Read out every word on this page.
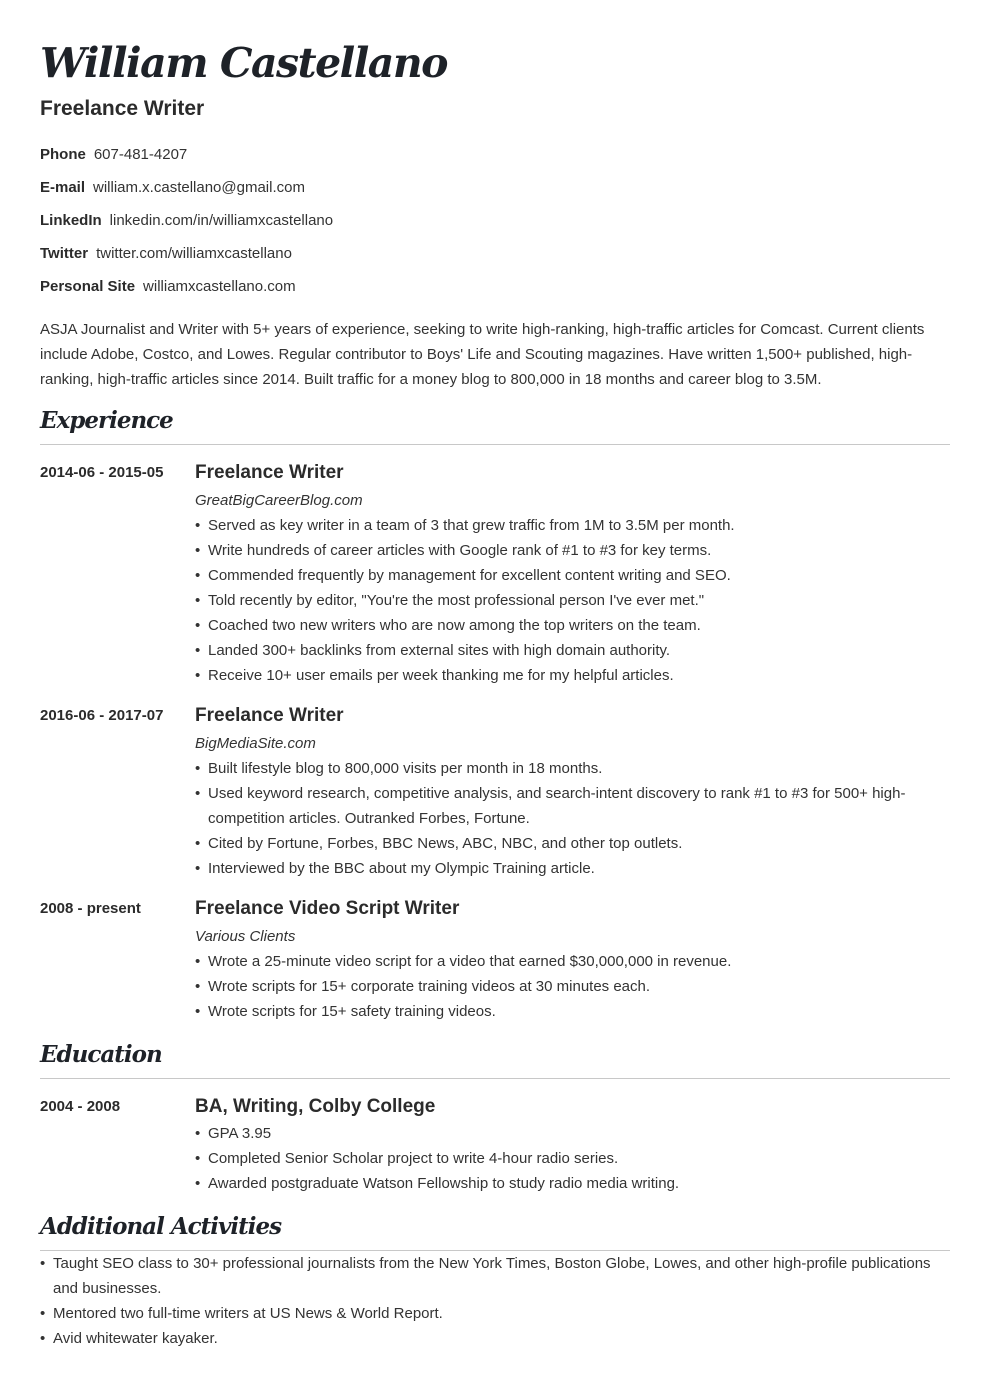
William Castellano
Freelance Writer
Phone 607-481-4207
E-mail william.x.castellano@gmail.com
LinkedIn linkedin.com/in/williamxcastellano
Twitter twitter.com/williamxcastellano
Personal Site williamxcastellano.com
ASJA Journalist and Writer with 5+ years of experience, seeking to write high-ranking, high-traffic articles for Comcast. Current clients include Adobe, Costco, and Lowes. Regular contributor to Boys' Life and Scouting magazines. Have written 1,500+ published, high-ranking, high-traffic articles since 2014. Built traffic for a money blog to 800,000 in 18 months and career blog to 3.5M.
Experience
2014-06 - 2015-05	Freelance Writer
GreatBigCareerBlog.com
• Served as key writer in a team of 3 that grew traffic from 1M to 3.5M per month.
• Write hundreds of career articles with Google rank of #1 to #3 for key terms.
• Commended frequently by management for excellent content writing and SEO.
• Told recently by editor, "You're the most professional person I've ever met."
• Coached two new writers who are now among the top writers on the team.
• Landed 300+ backlinks from external sites with high domain authority.
• Receive 10+ user emails per week thanking me for my helpful articles.
2016-06 - 2017-07	Freelance Writer
BigMediaSite.com
• Built lifestyle blog to 800,000 visits per month in 18 months.
• Used keyword research, competitive analysis, and search-intent discovery to rank #1 to #3 for 500+ high-competition articles. Outranked Forbes, Fortune.
• Cited by Fortune, Forbes, BBC News, ABC, NBC, and other top outlets.
• Interviewed by the BBC about my Olympic Training article.
2008 - present	Freelance Video Script Writer
Various Clients
• Wrote a 25-minute video script for a video that earned $30,000,000 in revenue.
• Wrote scripts for 15+ corporate training videos at 30 minutes each.
• Wrote scripts for 15+ safety training videos.
Education
2004 - 2008	BA, Writing, Colby College
• GPA 3.95
• Completed Senior Scholar project to write 4-hour radio series.
• Awarded postgraduate Watson Fellowship to study radio media writing.
Additional Activities
• Taught SEO class to 30+ professional journalists from the New York Times, Boston Globe, Lowes, and other high-profile publications and businesses.
• Mentored two full-time writers at US News & World Report.
• Avid whitewater kayaker.
